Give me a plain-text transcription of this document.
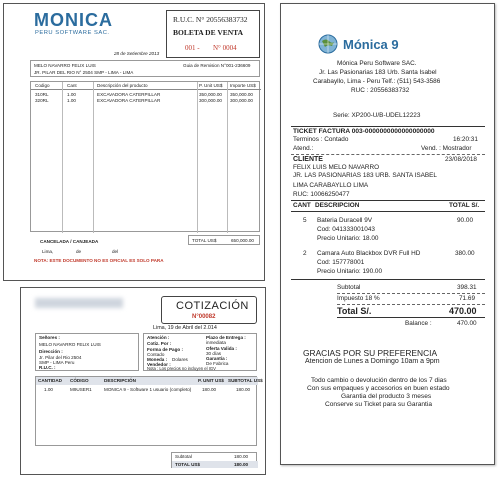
MONICA
PERU SOFTWARE SAC.
R.U.C. N° 20556383732
BOLETA DE VENTA
001 - N° 0004
28 de Setiembre 2013
MELO NAVARRO FELIX LUIS
JR. PILAR DEL RIO N° 2504 SMP - LIMA - LIMA
Guia de Remision N°001-236609
Codigo	Cant	Descripción del producto	P. Unit US$ Importe US$
310RL	1.00	EXCAVADORA CATERPILLAR	350,000.00 350,000.00
320RL	1.00	EXCAVADORA CATERPILLAR	300,000.00 300,000.00
TOTAL US$	650,000.00
CANCELADA / CANJEADA
Lima,	de	del
NOTA: ESTE DOCUMENTO NO ES OFICIAL ES SOLO PARA
COTIZACIÓN
N°00082
Lima, 19 de Abril del 2.014
Señores :
MELO NAVARRO FELIX LUIS
Dirección :
Jr. Pilar del Rio 2504
SMP - LIMA Peru
R.U.C. :
Atención :
Cotiz. Por :
Forma de Pago :
Contado
Moneda : Dolares
Vendedor :
Plazo de Entrega :
inmediata
Oferta Valida :
30 días
Garantía :
De Fabrica
Nota : Los precios no incluyen el IGV
CANTIDAD CÓDIGO	DESCRIPCIÓN	P. UNIT US$ SUBTOTAL US$
1.00	M9USER1	MONICA 9 - Software 1 usuario (completo) 180.00	180.00
Subtotal	180.00
TOTAL US$	180.00
Mónica 9
Mónica Peru Software SAC.
Jr. Las Pasionarias 183 Urb. Santa Isabel
Carabayllo, Lima - Peru Telf.: (511) 543-3586
RUC : 20556383732
Serie: XP200-U/B-UDEL12223
TICKET FACTURA 003-0000000000000000000
Terminos : Contado	16:20:31
Atend.:	Vend. : Mostrador
CLIENTE	23/08/2018
FELIX LUIS MELO NAVARRO
JR. LAS PASIONARIAS 183 URB. SANTA ISABEL
LIMA CARABAYLLO LIMA
RUC: 10066250477
CANT DESCRIPCION	TOTAL S/.
5 Bateria Duracell 9V	90.00
Cod: 041333001043
Precio Unitario: 18.00
2 Camara Auto Blackbox DVR Full HD	380.00
Cod: 157778001
Precio Unitario: 190.00
Subtotal	398.31
Impuesto 18 %	71.69
Total S/.	470.00
Balance :	470.00
GRACIAS POR SU PREFERENCIA
Atencion de Lunes a Domingo 10am a 9pm
Todo cambio o devolución dentro de los 7 dias
Con sus empaques y accesorios en buen estado
Garantia del producto 3 meses
Conserve su Ticket para su Garantia
